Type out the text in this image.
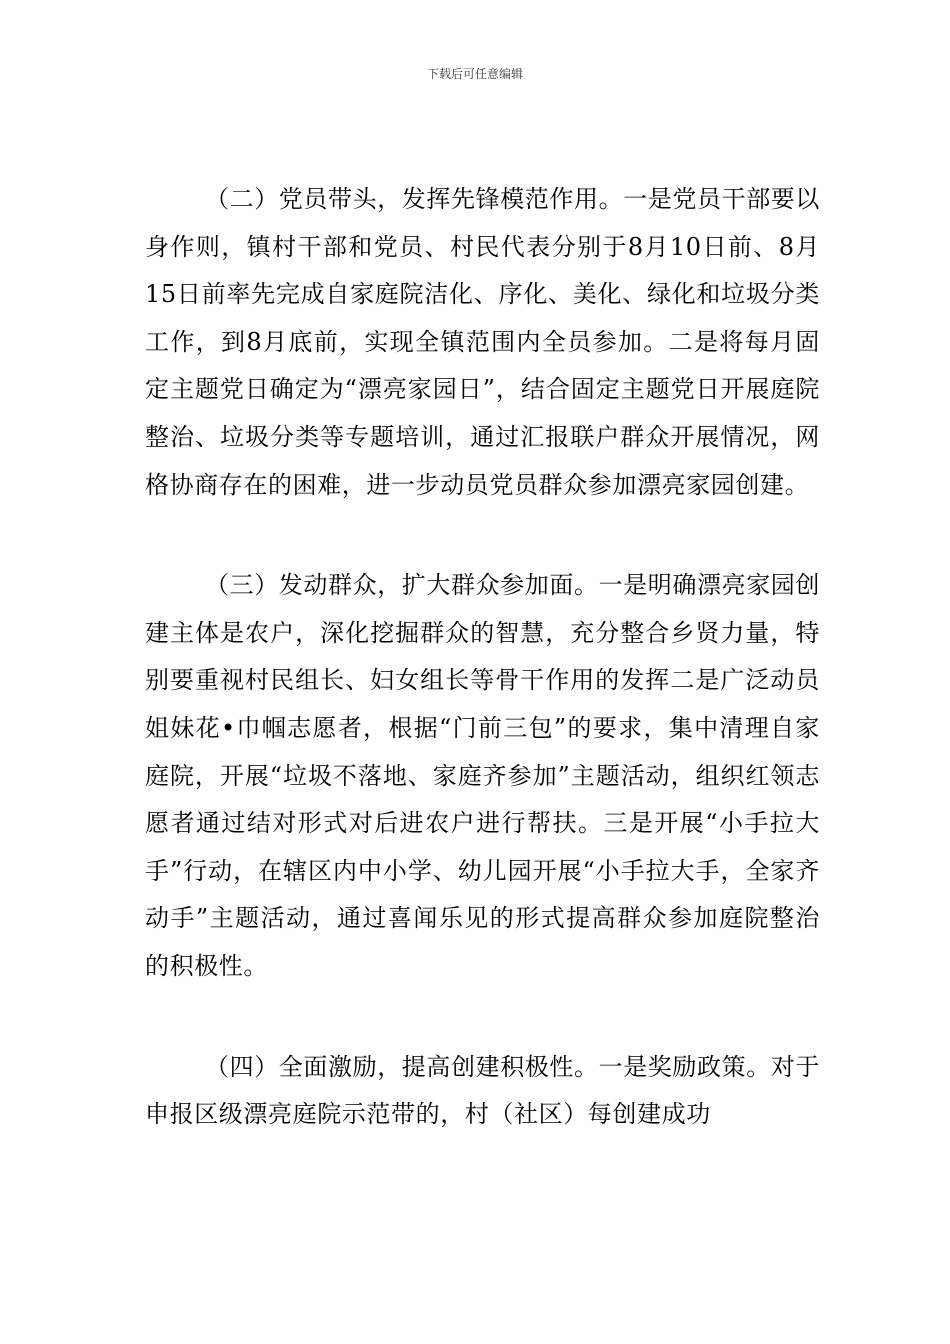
下载后可任意编辑

（二）党员带头，发挥先锋模范作用。一是党员干部要以身作则，镇村干部和党员、村民代表分别于8月10日前、8月15日前率先完成自家庭院洁化、序化、美化、绿化和垃圾分类工作，到8月底前，实现全镇范围内全员参加。二是将每月固定主题党日确定为“漂亮家园日”，结合固定主题党日开展庭院整治、垃圾分类等专题培训，通过汇报联户群众开展情况，网格协商存在的困难，进一步动员党员群众参加漂亮家园创建。

（三）发动群众，扩大群众参加面。一是明确漂亮家园创建主体是农户，深化挖掘群众的智慧，充分整合乡贤力量，特别要重视村民组长、妇女组长等骨干作用的发挥二是广泛动员姐妹花•巾帼志愿者，根据“门前三包”的要求，集中清理自家庭院，开展“垃圾不落地、家庭齐参加”主题活动，组织红领志愿者通过结对形式对后进农户进行帮扶。三是开展“小手拉大手”行动，在辖区内中小学、幼儿园开展“小手拉大手，全家齐动手”主题活动，通过喜闻乐见的形式提高群众参加庭院整治的积极性。

（四）全面激励，提高创建积极性。一是奖励政策。对于申报区级漂亮庭院示范带的，村（社区）每创建成功
